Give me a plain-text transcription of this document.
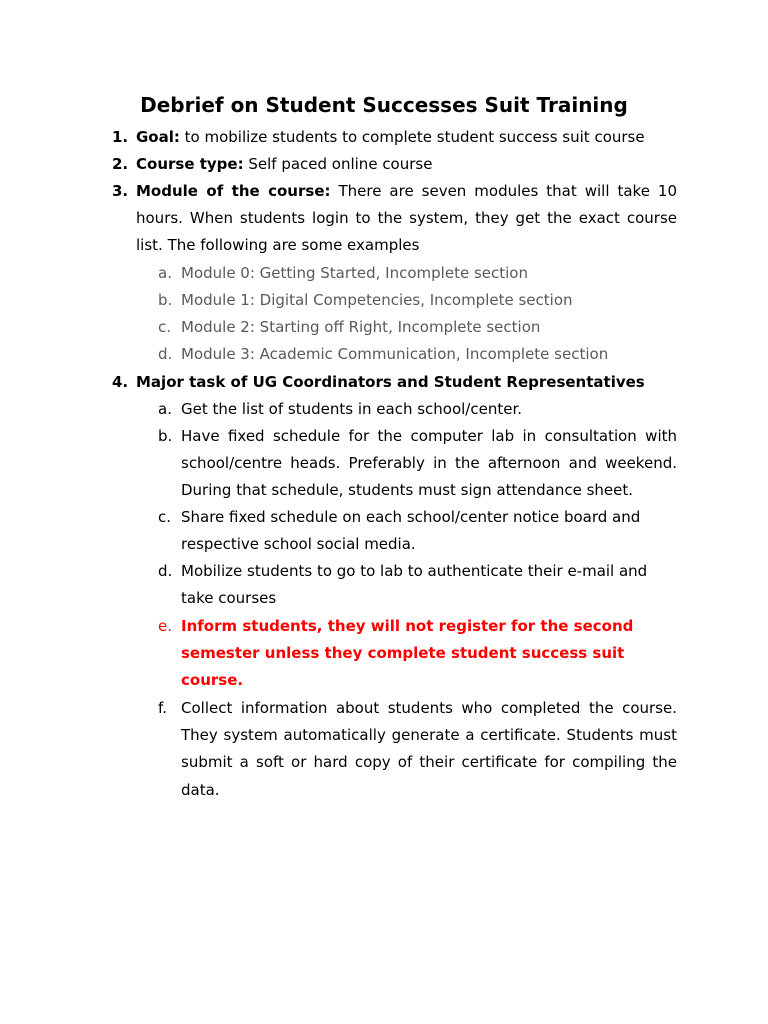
Debrief on Student Successes Suit Training
1. Goal: to mobilize students to complete student success suit course
2. Course type: Self paced online course
3. Module of the course: There are seven modules that will take 10
hours. When students login to the system, they get the exact course
list. The following are some examples
a. Module 0: Getting Started, Incomplete section
b. Module 1: Digital Competencies, Incomplete section
c. Module 2: Starting off Right, Incomplete section
d. Module 3: Academic Communication, Incomplete section
4. Major task of UG Coordinators and Student Representatives
a. Get the list of students in each school/center.
b. Have fixed schedule for the computer lab in consultation with
school/centre heads. Preferably in the afternoon and weekend.
During that schedule, students must sign attendance sheet.
c. Share fixed schedule on each school/center notice board and
respective school social media.
d. Mobilize students to go to lab to authenticate their e-mail and
take courses
e. Inform students, they will not register for the second
semester unless they complete student success suit
course.
f. Collect information about students who completed the course.
They system automatically generate a certificate. Students must
submit a soft or hard copy of their certificate for compiling the
data.
